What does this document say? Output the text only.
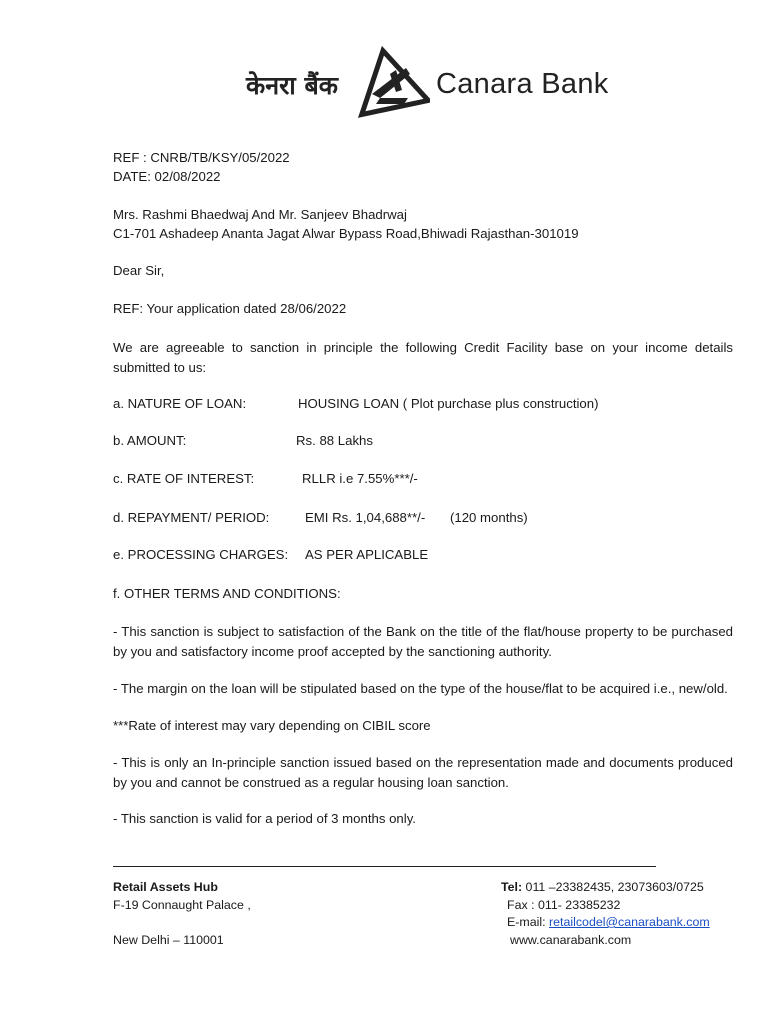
केनरा बैंक	Canara Bank
REF : CNRB/TB/KSY/05/2022
DATE: 02/08/2022
Mrs. Rashmi Bhaedwaj And Mr. Sanjeev Bhadrwaj
C1-701 Ashadeep Ananta Jagat Alwar Bypass Road,Bhiwadi Rajasthan-301019
Dear Sir,
REF: Your application dated 28/06/2022
We are agreeable to sanction in principle the following Credit Facility base on your income details submitted to us:
a. NATURE OF LOAN:	HOUSING LOAN ( Plot purchase plus construction)
b. AMOUNT:	Rs. 88 Lakhs
c. RATE OF INTEREST:	RLLR i.e 7.55%***/-
d. REPAYMENT/ PERIOD:	EMI Rs. 1,04,688**/- (120 months)
e. PROCESSING CHARGES: AS PER APLICABLE
f. OTHER TERMS AND CONDITIONS:
- This sanction is subject to satisfaction of the Bank on the title of the flat/house property to be purchased by you and satisfactory income proof accepted by the sanctioning authority.
- The margin on the loan will be stipulated based on the type of the house/flat to be acquired i.e., new/old.
***Rate of interest may vary depending on CIBIL score
- This is only an In-principle sanction issued based on the representation made and documents produced by you and cannot be construed as a regular housing loan sanction.
- This sanction is valid for a period of 3 months only.
Retail Assets Hub
F-19 Connaught Palace ,
New Delhi – 110001
Tel: 011 –23382435, 23073603/0725
Fax : 011- 23385232
E-mail: retailcodel@canarabank.com
www.canarabank.com
